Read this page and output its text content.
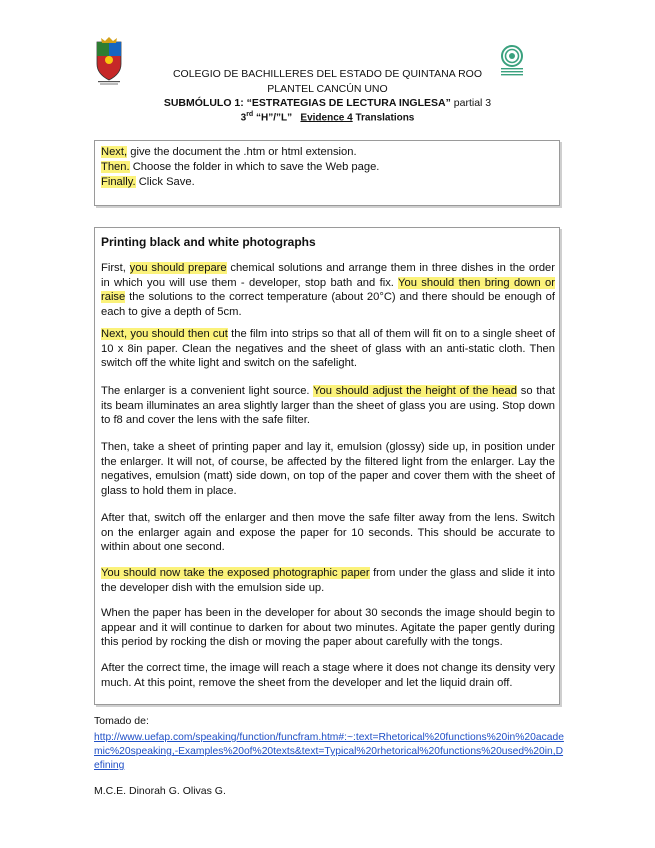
COLEGIO DE BACHILLERES DEL ESTADO DE QUINTANA ROO
PLANTEL CANCÚN UNO
SUBMÓLULO 1: “ESTRATEGIAS DE LECTURA INGLESA” partial 3
3rd “H”/”L” Evidence 4 Translations
Next, give the document the .htm or html extension.
Then. Choose the folder in which to save the Web page.
Finally. Click Save.
Printing black and white photographs

First, you should prepare chemical solutions and arrange them in three dishes in the order in which you will use them - developer, stop bath and fix. You should then bring down or raise the solutions to the correct temperature (about 20°C) and there should be enough of each to give a depth of 5cm.

Next, you should then cut the film into strips so that all of them will fit on to a single sheet of 10 x 8in paper. Clean the negatives and the sheet of glass with an anti-static cloth. Then switch off the white light and switch on the safelight.

The enlarger is a convenient light source. You should adjust the height of the head so that its beam illuminates an area slightly larger than the sheet of glass you are using. Stop down to f8 and cover the lens with the safe filter.

Then, take a sheet of printing paper and lay it, emulsion (glossy) side up, in position under the enlarger. It will not, of course, be affected by the filtered light from the enlarger. Lay the negatives, emulsion (matt) side down, on top of the paper and cover them with the sheet of glass to hold them in place.

After that, switch off the enlarger and then move the safe filter away from the lens. Switch on the enlarger again and expose the paper for 10 seconds. This should be accurate to within about one second.

You should now take the exposed photographic paper from under the glass and slide it into the developer dish with the emulsion side up.

When the paper has been in the developer for about 30 seconds the image should begin to appear and it will continue to darken for about two minutes. Agitate the paper gently during this period by rocking the dish or moving the paper about carefully with the tongs.

After the correct time, the image will reach a stage where it does not change its density very much. At this point, remove the sheet from the developer and let the liquid drain off.

Tomado de:
http://www.uefap.com/speaking/function/funcfram.htm#:~:text=Rhetorical%20functions%20in%20academic%20speaking,-Examples%20of%20texts&text=Typical%20rhetorical%20functions%20used%20in,Defining
M.C.E. Dinorah G. Olivas G.
